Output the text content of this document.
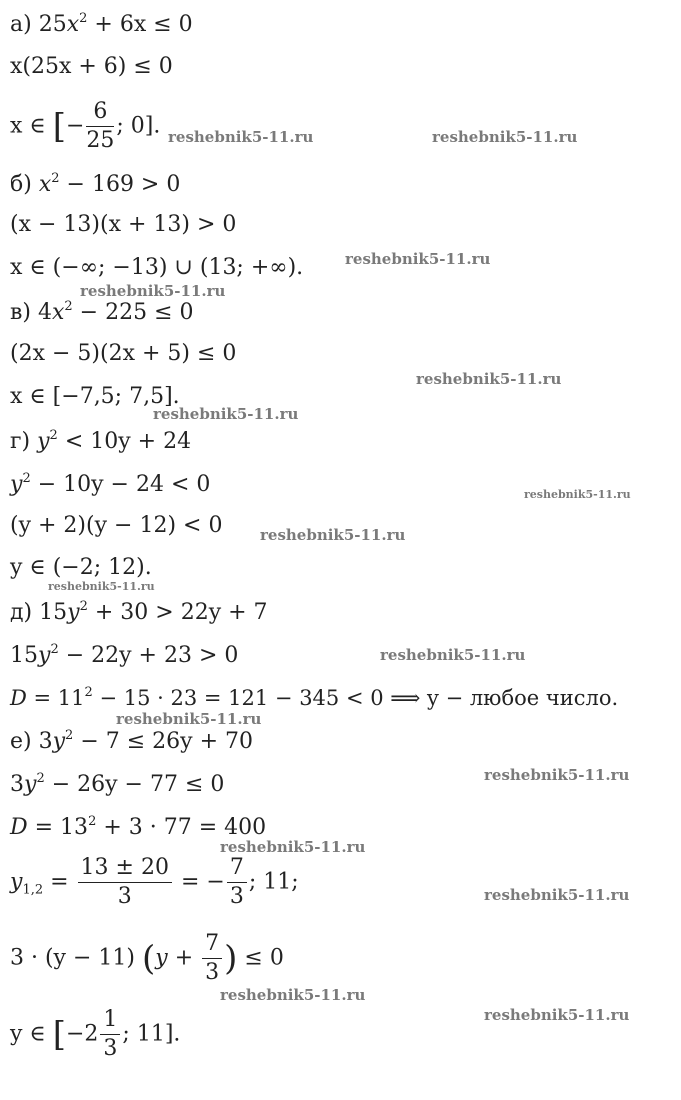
а) $25x^2 + 6x \le 0$
x(25x + 6) ≤ 0
x ∈ [− $\frac{6}{25}$ ; 0].
б) $x^2 - 169 > 0$
(x − 13)(x + 13) > 0
x ∈ (−∞; −13) ∪ (13; +∞).
в) $4x^2 - 225 \le 0$
(2x − 5)(2x + 5) ≤ 0
x ∈ [−7,5; 7,5].
г) $y^2 < 10y + 24$
$y^2 - 10y - 24 < 0$
(y + 2)(y − 12) < 0
y ∈ (−2; 12).
д) $15y^2 + 30 > 22y + 7$
$15y^2 - 22y + 23 > 0$
$D = 11^2 - 15 \cdot 23 = 121 - 345 < 0$ ⟹ y − любое число.
е) $3y^2 - 7 \le 26y + 70$
$3y^2 - 26y - 77 \le 0$
$D = 13^2 + 3 \cdot 77 = 400$
$y_{1,2} = \frac{13 \pm 20}{3}$ = − $\frac{7}{3}$ ; 11;
3 · (y − 11) ($y + \frac{7}{3}$ ) ≤ 0
y ∈ [$-2 \frac{1}{3}$ ; 11].
reshebnik5-11.ru	reshebnik5-11.ru
reshebnik5-11.ru
reshebnik5-11.ru
reshebnik5-11.ru
reshebnik5-11.ru
reshebnik5-11.ru
reshebnik5-11.ru
reshebnik5-11.ru
reshebnik5-11.ru
reshebnik5-11.ru
reshebnik5-11.ru
reshebnik5-11.ru
reshebnik5-11.ru
reshebnik5-11.ru
reshebnik5-11.ru
